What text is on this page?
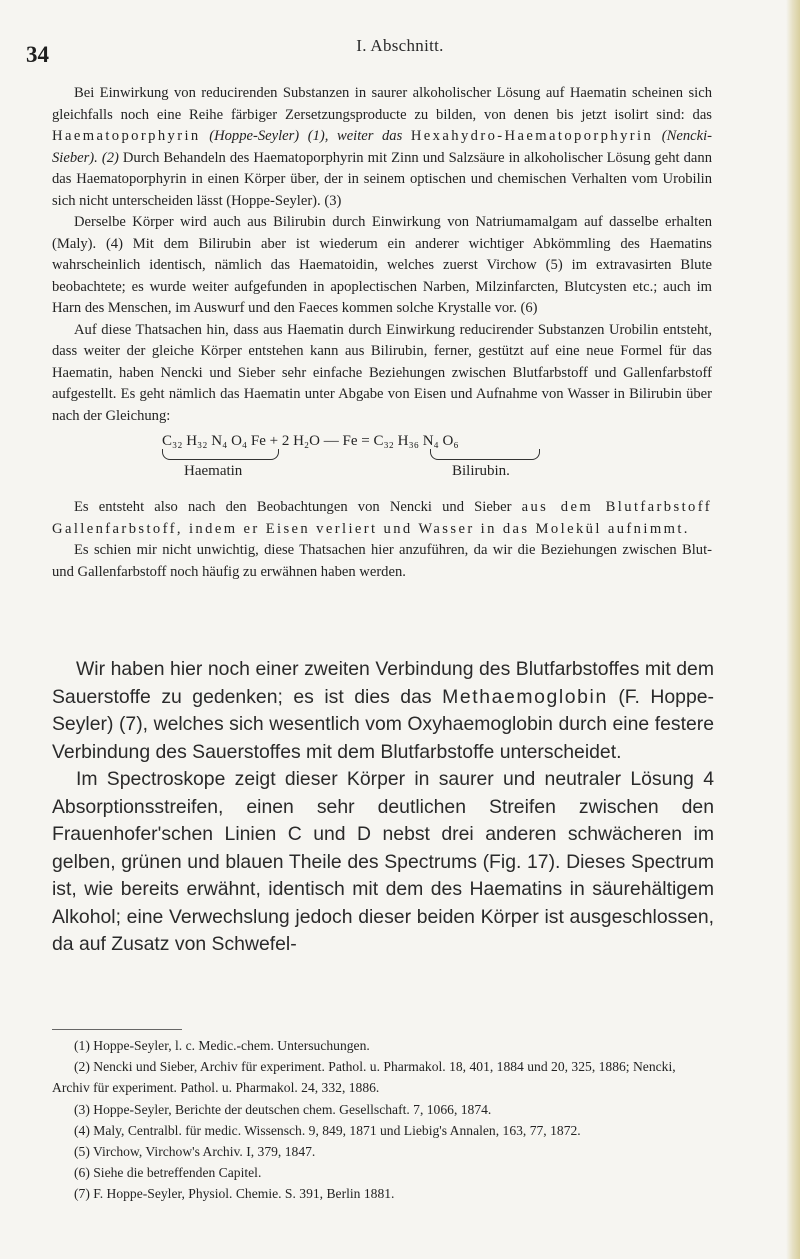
34	I. Abschnitt.

Bei Einwirkung von reducirenden Substanzen in saurer alkoholischer Lösung auf Haematin scheinen sich gleichfalls noch eine Reihe färbiger Zersetzungsproducte zu bilden, von denen bis jetzt isolirt sind: das Haematoporphyrin (Hoppe-Seyler) (1), weiter das Hexahydro-Haematoporphyrin (Nencki-Sieber). (2) Durch Behandeln des Haematoporphyrin mit Zinn und Salzsäure in alkoholischer Lösung geht dann das Haematoporphyrin in einen Körper über, der in seinem optischen und chemischen Verhalten vom Urobilin sich nicht unterscheiden lässt (Hoppe-Seyler). (3)

Derselbe Körper wird auch aus Bilirubin durch Einwirkung von Natriumamalgam auf dasselbe erhalten (Maly). (4) Mit dem Bilirubin aber ist wiederum ein anderer wichtiger Abkömmling des Haematins wahrscheinlich identisch, nämlich das Haematoidin, welches zuerst Virchow (5) im extravasirten Blute beobachtete; es wurde weiter aufgefunden in apoplectischen Narben, Milzinfarcten, Blutcysten etc.; auch im Harn des Menschen, im Auswurf und den Faeces kommen solche Krystalle vor. (6)

Auf diese Thatsachen hin, dass aus Haematin durch Einwirkung reducirender Substanzen Urobilin entsteht, dass weiter der gleiche Körper entstehen kann aus Bilirubin, ferner, gestützt auf eine neue Formel für das Haematin, haben Nencki und Sieber sehr einfache Beziehungen zwischen Blutfarbstoff und Gallenfarbstoff aufgestellt. Es geht nämlich das Haematin unter Abgabe von Eisen und Aufnahme von Wasser in Bilirubin über nach der Gleichung:

C₃₂ H₃₂ N₄ O₄ Fe + 2 H₂O — Fe = C₃₂ H₃₆ N₄ O₆
Haematin	Bilirubin.

Es entsteht also nach den Beobachtungen von Nencki und Sieber aus dem Blutfarbstoff Gallenfarbstoff, indem er Eisen verliert und Wasser in das Molekül aufnimmt.

Es schien mir nicht unwichtig, diese Thatsachen hier anzuführen, da wir die Beziehungen zwischen Blut- und Gallenfarbstoff noch häufig zu erwähnen haben werden.

Wir haben hier noch einer zweiten Verbindung des Blutfarbstoffes mit dem Sauerstoffe zu gedenken; es ist dies das Methaemoglobin (F. Hoppe-Seyler) (7), welches sich wesentlich vom Oxyhaemoglobin durch eine festere Verbindung des Sauerstoffes mit dem Blutfarbstoffe unterscheidet.

Im Spectroskope zeigt dieser Körper in saurer und neutraler Lösung 4 Absorptionsstreifen, einen sehr deutlichen Streifen zwischen den Frauenhofer'schen Linien C und D nebst drei anderen schwächeren im gelben, grünen und blauen Theile des Spectrums (Fig. 17). Dieses Spectrum ist, wie bereits erwähnt, identisch mit dem des Haematins in säurehältigem Alkohol; eine Verwechslung jedoch dieser beiden Körper ist ausgeschlossen, da auf Zusatz von Schwefel-

(1) Hoppe-Seyler, l. c. Medic.-chem. Untersuchungen.

(2) Nencki und Sieber, Archiv für experiment. Pathol. u. Pharmakol. 18, 401, 1884 und 20, 325, 1886; Nencki, Archiv für experiment. Pathol. u. Pharmakol. 24, 332, 1886.

(3) Hoppe-Seyler, Berichte der deutschen chem. Gesellschaft. 7, 1066, 1874.

(4) Maly, Centralbl. für medic. Wissensch. 9, 849, 1871 und Liebig's Annalen, 163, 77, 1872.

(5) Virchow, Virchow's Archiv. I, 379, 1847.

(6) Siehe die betreffenden Capitel.

(7) F. Hoppe-Seyler, Physiol. Chemie. S. 391, Berlin 1881.
